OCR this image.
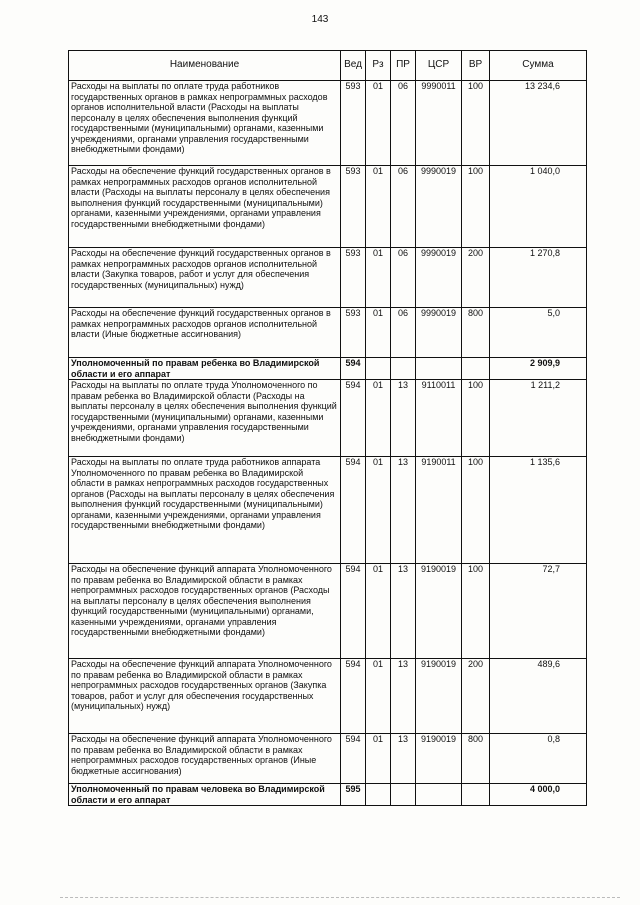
143
Наименование	Вед	Рз	ПР	ЦСР	ВР	Сумма
Расходы на выплаты по оплате труда работников государственных органов в рамках непрограммных расходов органов исполнительной власти (Расходы на выплаты персоналу в целях обеспечения выполнения функций государственными (муниципальными) органами, казенными учреждениями, органами управления государственными внебюджетными фондами)	593	01	06	9990011	100	13 234,6
Расходы на обеспечение функций государственных органов в рамках непрограммных расходов органов исполнительной власти (Расходы на выплаты персоналу в целях обеспечения выполнения функций государственными (муниципальными) органами, казенными учреждениями, органами управления государственными внебюджетными фондами)	593	01	06	9990019	100	1 040,0
Расходы на обеспечение функций государственных органов в рамках непрограммных расходов органов исполнительной власти (Закупка товаров, работ и услуг для обеспечения государственных (муниципальных) нужд)	593	01	06	9990019	200	1 270,8
Расходы на обеспечение функций государственных органов в рамках непрограммных расходов органов исполнительной власти (Иные бюджетные ассигнования)	593	01	06	9990019	800	5,0
Уполномоченный по правам ребенка во Владимирской области и его аппарат	594					2 909,9
Расходы на выплаты по оплате труда Уполномоченного по правам ребенка во Владимирской области (Расходы на выплаты персоналу в целях обеспечения выполнения функций государственными (муниципальными) органами, казенными учреждениями, органами управления государственными внебюджетными фондами)	594	01	13	9110011	100	1 211,2
Расходы на выплаты по оплате труда работников аппарата Уполномоченного по правам ребенка во Владимирской области в рамках непрограммных расходов государственных органов (Расходы на выплаты персоналу в целях обеспечения выполнения функций государственными (муниципальными) органами, казенными учреждениями, органами управления государственными внебюджетными фондами)	594	01	13	9190011	100	1 135,6
Расходы на обеспечение функций аппарата Уполномоченного по правам ребенка во Владимирской области в рамках непрограммных расходов государственных органов (Расходы на выплаты персоналу в целях обеспечения выполнения функций государственными (муниципальными) органами, казенными учреждениями, органами управления государственными внебюджетными фондами)	594	01	13	9190019	100	72,7
Расходы на обеспечение функций аппарата Уполномоченного по правам ребенка во Владимирской области в рамках непрограммных расходов государственных органов (Закупка товаров, работ и услуг для обеспечения государственных (муниципальных) нужд)	594	01	13	9190019	200	489,6
Расходы на обеспечение функций аппарата Уполномоченного по правам ребенка во Владимирской области в рамках непрограммных расходов государственных органов (Иные бюджетные ассигнования)	594	01	13	9190019	800	0,8
Уполномоченный по правам человека во Владимирской области и его аппарат	595					4 000,0
